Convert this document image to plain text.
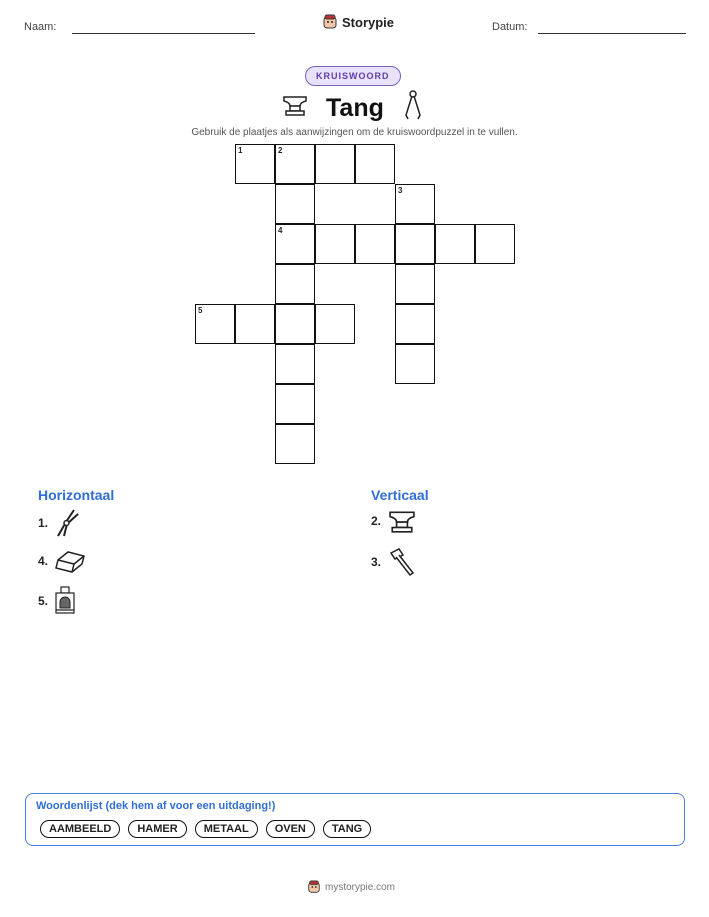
Naam:	Storypie	Datum:
KRUISWOORD
Tang
Gebruik de plaatjes als aanwijzingen om de kruiswoordpuzzel in te vullen.
1	2
3
4
5
Horizontaal
1.
4.
5.
Verticaal
2.
3.
Woordenlijst (dek hem af voor een uitdaging!)
AAMBEELD HAMER METAAL OVEN TANG
mystorypie.com
